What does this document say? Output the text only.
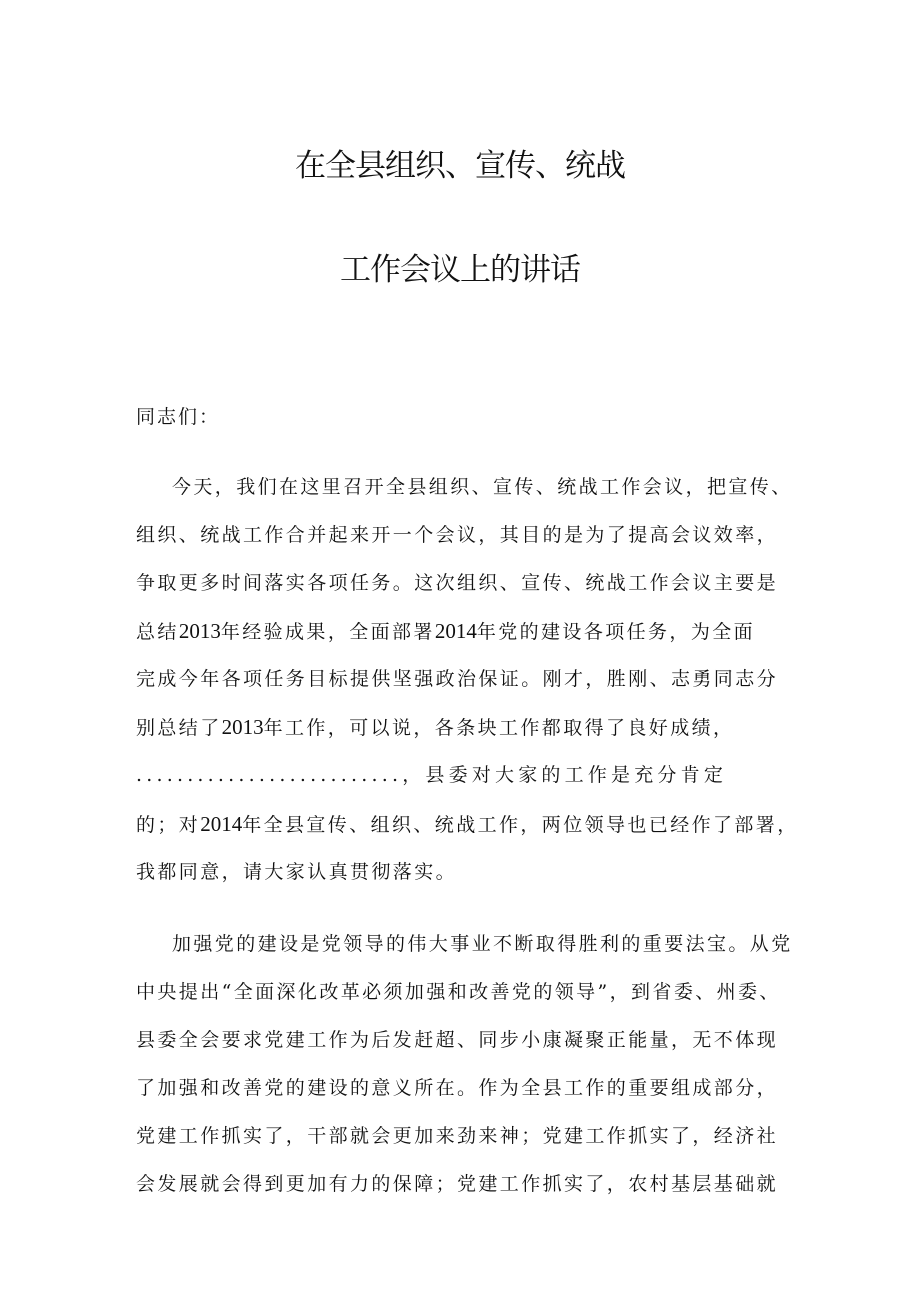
在全县组织、宣传、统战
工作会议上的讲话
同志们：
今天，我们在这里召开全县组织、宣传、统战工作会议，把宣传、
组织、统战工作合并起来开一个会议，其目的是为了提高会议效率，
争取更多时间落实各项任务。这次组织、宣传、统战工作会议主要是
总结2013年经验成果，全面部署2014年党的建设各项任务，为全面
完成今年各项任务目标提供坚强政治保证。刚才，胜刚、志勇同志分
别总结了2013年工作，可以说，各条块工作都取得了良好成绩，
..........................，县委对大家的工作是充分肯定
的；对2014年全县宣传、组织、统战工作，两位领导也已经作了部署，
我都同意，请大家认真贯彻落实。
加强党的建设是党领导的伟大事业不断取得胜利的重要法宝。从党
中央提出“全面深化改革必须加强和改善党的领导”，到省委、州委、
县委全会要求党建工作为后发赶超、同步小康凝聚正能量，无不体现
了加强和改善党的建设的意义所在。作为全县工作的重要组成部分，
党建工作抓实了，干部就会更加来劲来神；党建工作抓实了，经济社
会发展就会得到更加有力的保障；党建工作抓实了，农村基层基础就
